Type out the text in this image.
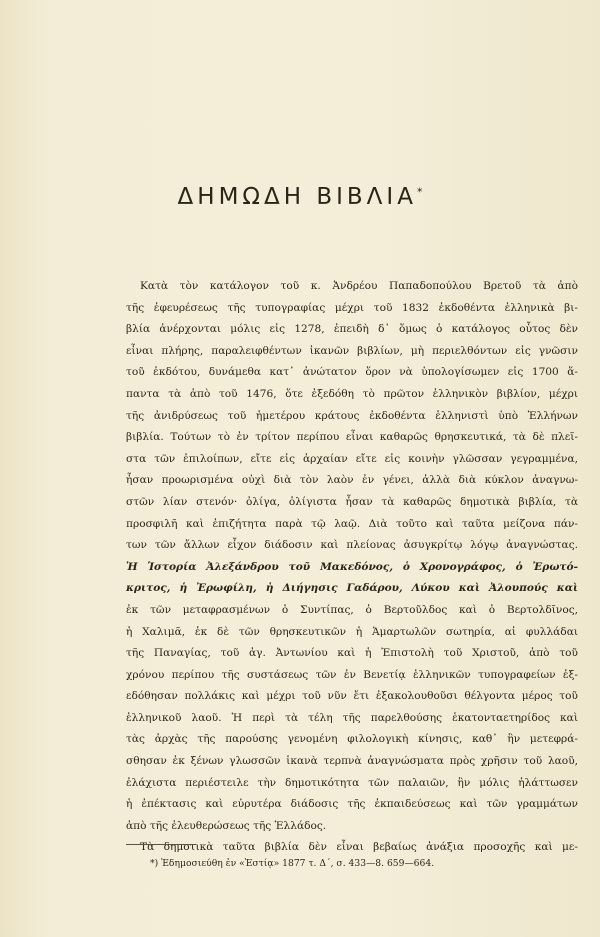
ΔΗΜΩΔΗ ΒΙΒΛΙΑ*
Κατὰ τὸν κατάλογον τοῦ κ. Ἀνδρέου Παπαδοπούλου Βρετοῦ τὰ ἀπὸ
τῆς ἐφευρέσεως τῆς τυπογραφίας μέχρι τοῦ 1832 ἐκδοθέντα ἑλληνικὰ βι-
βλία ἀνέρχονται μόλις εἰς 1278, ἐπειδὴ δ᾽ ὅμως ὁ κατάλογος οὗτος δὲν
εἶναι πλήρης, παραλειφθέντων ἱκανῶν βιβλίων, μὴ περιελθόντων εἰς γνῶσιν
τοῦ ἐκδότου, δυνάμεθα κατ᾽ ἀνώτατον ὅρον νὰ ὑπολογίσωμεν εἰς 1700 ἅ-
παντα τὰ ἀπὸ τοῦ 1476, ὅτε ἐξεδόθη τὸ πρῶτον ἑλληνικὸν βιβλίον, μέχρι
τῆς ἀνιδρύσεως τοῦ ἡμετέρου κράτους ἐκδοθέντα ἑλληνιστὶ ὑπὸ Ἑλλήνων
βιβλία. Τούτων τὸ ἐν τρίτον περίπου εἶναι καθαρῶς θρησκευτικά, τὰ δὲ πλεῖ-
στα τῶν ἐπιλοίπων, εἴτε εἰς ἀρχαίαν εἴτε εἰς κοινὴν γλῶσσαν γεγραμμένα,
ἦσαν προωρισμένα οὐχὶ διὰ τὸν λαὸν ἐν γένει, ἀλλὰ διὰ κύκλον ἀναγνω-
στῶν λίαν στενόν· ὀλίγα, ὀλίγιστα ἦσαν τὰ καθαρῶς δημοτικὰ βιβλία, τὰ
προσφιλῆ καὶ ἐπιζήτητα παρὰ τῷ λαῷ. Διὰ τοῦτο καὶ ταῦτα μείζονα πάν-
των τῶν ἄλλων εἶχον διάδοσιν καὶ πλείονας ἀσυγκρίτῳ λόγῳ ἀναγνώστας.
Ἡ Ἱστορία Ἀλεξάνδρου τοῦ Μακεδόνος, ὁ Χρονογράφος, ὁ Ἐρωτό-
κριτος, ἡ Ἐρωφίλη, ἡ Διήγησις Γαδάρου, Λύκου καὶ Ἀλουπούς καὶ
ἐκ τῶν μεταφρασμένων ὁ Συντίπας, ὁ Βερτοῦλδος καὶ ὁ Βερτολδῖνος,
ἡ Χαλιμᾶ, ἐκ δὲ τῶν θρησκευτικῶν ἡ Ἁμαρτωλῶν σωτηρία, αἱ φυλλάδαι
τῆς Παναγίας, τοῦ ἁγ. Ἀντωνίου καὶ ἡ Ἐπιστολὴ τοῦ Χριστοῦ, ἀπὸ τοῦ
χρόνου περίπου τῆς συστάσεως τῶν ἐν Βενετίᾳ ἑλληνικῶν τυπογραφείων ἐξ-
εδόθησαν πολλάκις καὶ μέχρι τοῦ νῦν ἔτι ἐξακολουθοῦσι θέλγοντα μέρος τοῦ
ἑλληνικοῦ λαοῦ. Ἡ περὶ τὰ τέλη τῆς παρελθούσης ἑκατονταετηρίδος καὶ
τὰς ἀρχὰς τῆς παρούσης γενομένη φιλολογικὴ κίνησις, καθ᾽ ἣν μετεφρά-
σθησαν ἐκ ξένων γλωσσῶν ἱκανὰ τερπνὰ ἀναγνώσματα πρὸς χρῆσιν τοῦ λαοῦ,
ἐλάχιστα περιέστειλε τὴν δημοτικότητα τῶν παλαιῶν, ἣν μόλις ἠλάττωσεν
ἡ ἐπέκτασις καὶ εὐρυτέρα διάδοσις τῆς ἐκπαιδεύσεως καὶ τῶν γραμμάτων
ἀπὸ τῆς ἐλευθερώσεως τῆς Ἑλλάδος.
Τὰ δημοτικὰ ταῦτα βιβλία δὲν εἶναι βεβαίως ἀνάξια προσοχῆς καὶ με-
*) Ἐδημοσιεύθη ἐν «Ἑστίᾳ» 1877 τ. Δ´, σ. 433—8. 659—664.
